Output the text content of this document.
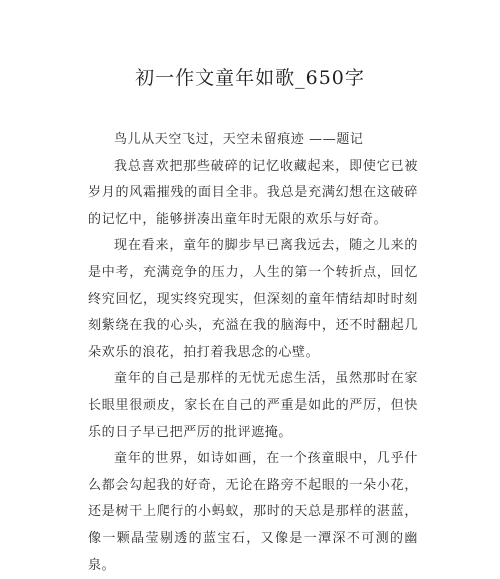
初一作文童年如歌_650字

鸟儿从天空飞过，天空未留痕迹 ——题记

我总喜欢把那些破碎的记忆收藏起来，即使它已被岁月的风霜摧残的面目全非。我总是充满幻想在这破碎的记忆中，能够拼凑出童年时无限的欢乐与好奇。

现在看来，童年的脚步早已离我远去，随之儿来的是中考，充满竞争的压力，人生的第一个转折点，回忆终究回忆，现实终究现实，但深刻的童年情结却时时刻刻紫绕在我的心头，充溢在我的脑海中，还不时翻起几朵欢乐的浪花，拍打着我思念的心壁。

童年的自己是那样的无忧无虑生活，虽然那时在家长眼里很顽皮，家长在自己的严重是如此的严厉，但快乐的日子早已把严厉的批评遮掩。

童年的世界，如诗如画，在一个孩童眼中，几乎什么都会勾起我的好奇，无论在路旁不起眼的一朵小花，还是树干上爬行的小蚂蚁，那时的天总是那样的湛蓝，像一颗晶莹剔透的蓝宝石，又像是一潭深不可测的幽泉。
